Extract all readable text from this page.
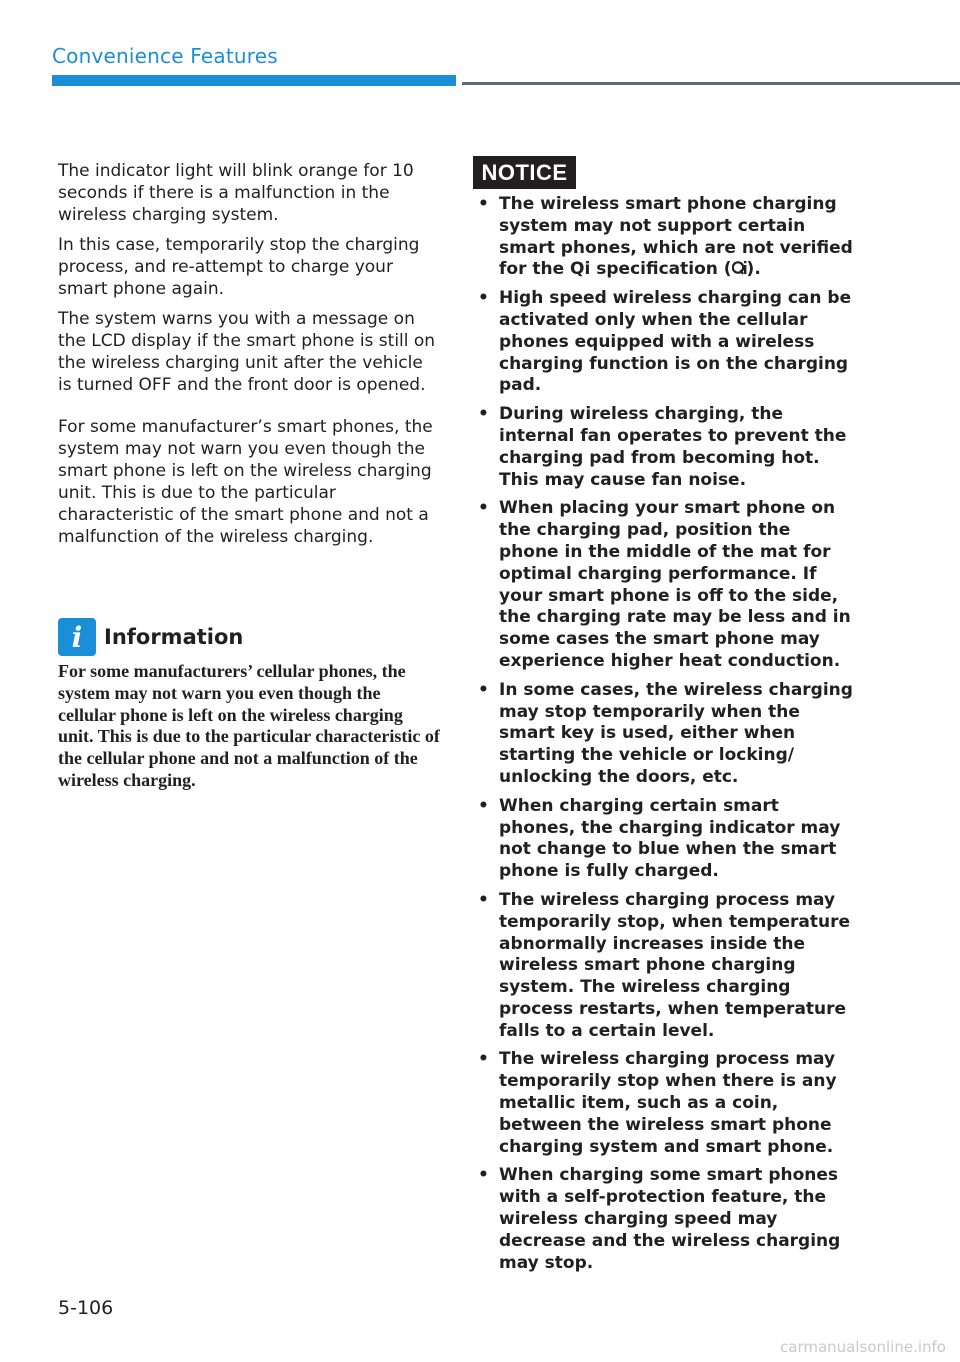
Convenience Features

The indicator light will blink orange for 10 seconds if there is a malfunction in the wireless charging system.

In this case, temporarily stop the charging process, and re-attempt to charge your smart phone again.

The system warns you with a message on the LCD display if the smart phone is still on the wireless charging unit after the vehicle is turned OFF and the front door is opened.

For some manufacturer’s smart phones, the system may not warn you even though the smart phone is left on the wireless charging unit. This is due to the particular characteristic of the smart phone and not a malfunction of the wireless charging.

i	Information

For some manufacturers’ cellular phones, the system may not warn you even though the cellular phone is left on the wireless charging unit. This is due to the particular characteristic of the cellular phone and not a malfunction of the wireless charging.

NOTICE
• The wireless smart phone charging system may not support certain smart phones, which are not verified for the Qi specification ( ).
• High speed wireless charging can be activated only when the cellular phones equipped with a wireless charging function is on the charging pad.
• During wireless charging, the internal fan operates to prevent the charging pad from becoming hot. This may cause fan noise.
• When placing your smart phone on the charging pad, position the phone in the middle of the mat for optimal charging performance. If your smart phone is off to the side, the charging rate may be less and in some cases the smart phone may experience higher heat conduction.
• In some cases, the wireless charging may stop temporarily when the smart key is used, either when starting the vehicle or locking/ unlocking the doors, etc.
• When charging certain smart phones, the charging indicator may not change to blue when the smart phone is fully charged.
• The wireless charging process may temporarily stop, when temperature abnormally increases inside the wireless smart phone charging system. The wireless charging process restarts, when temperature falls to a certain level.
• The wireless charging process may temporarily stop when there is any metallic item, such as a coin, between the wireless smart phone charging system and smart phone.
• When charging some smart phones with a self-protection feature, the wireless charging speed may decrease and the wireless charging may stop.
5-106
carmanualsonline.info
